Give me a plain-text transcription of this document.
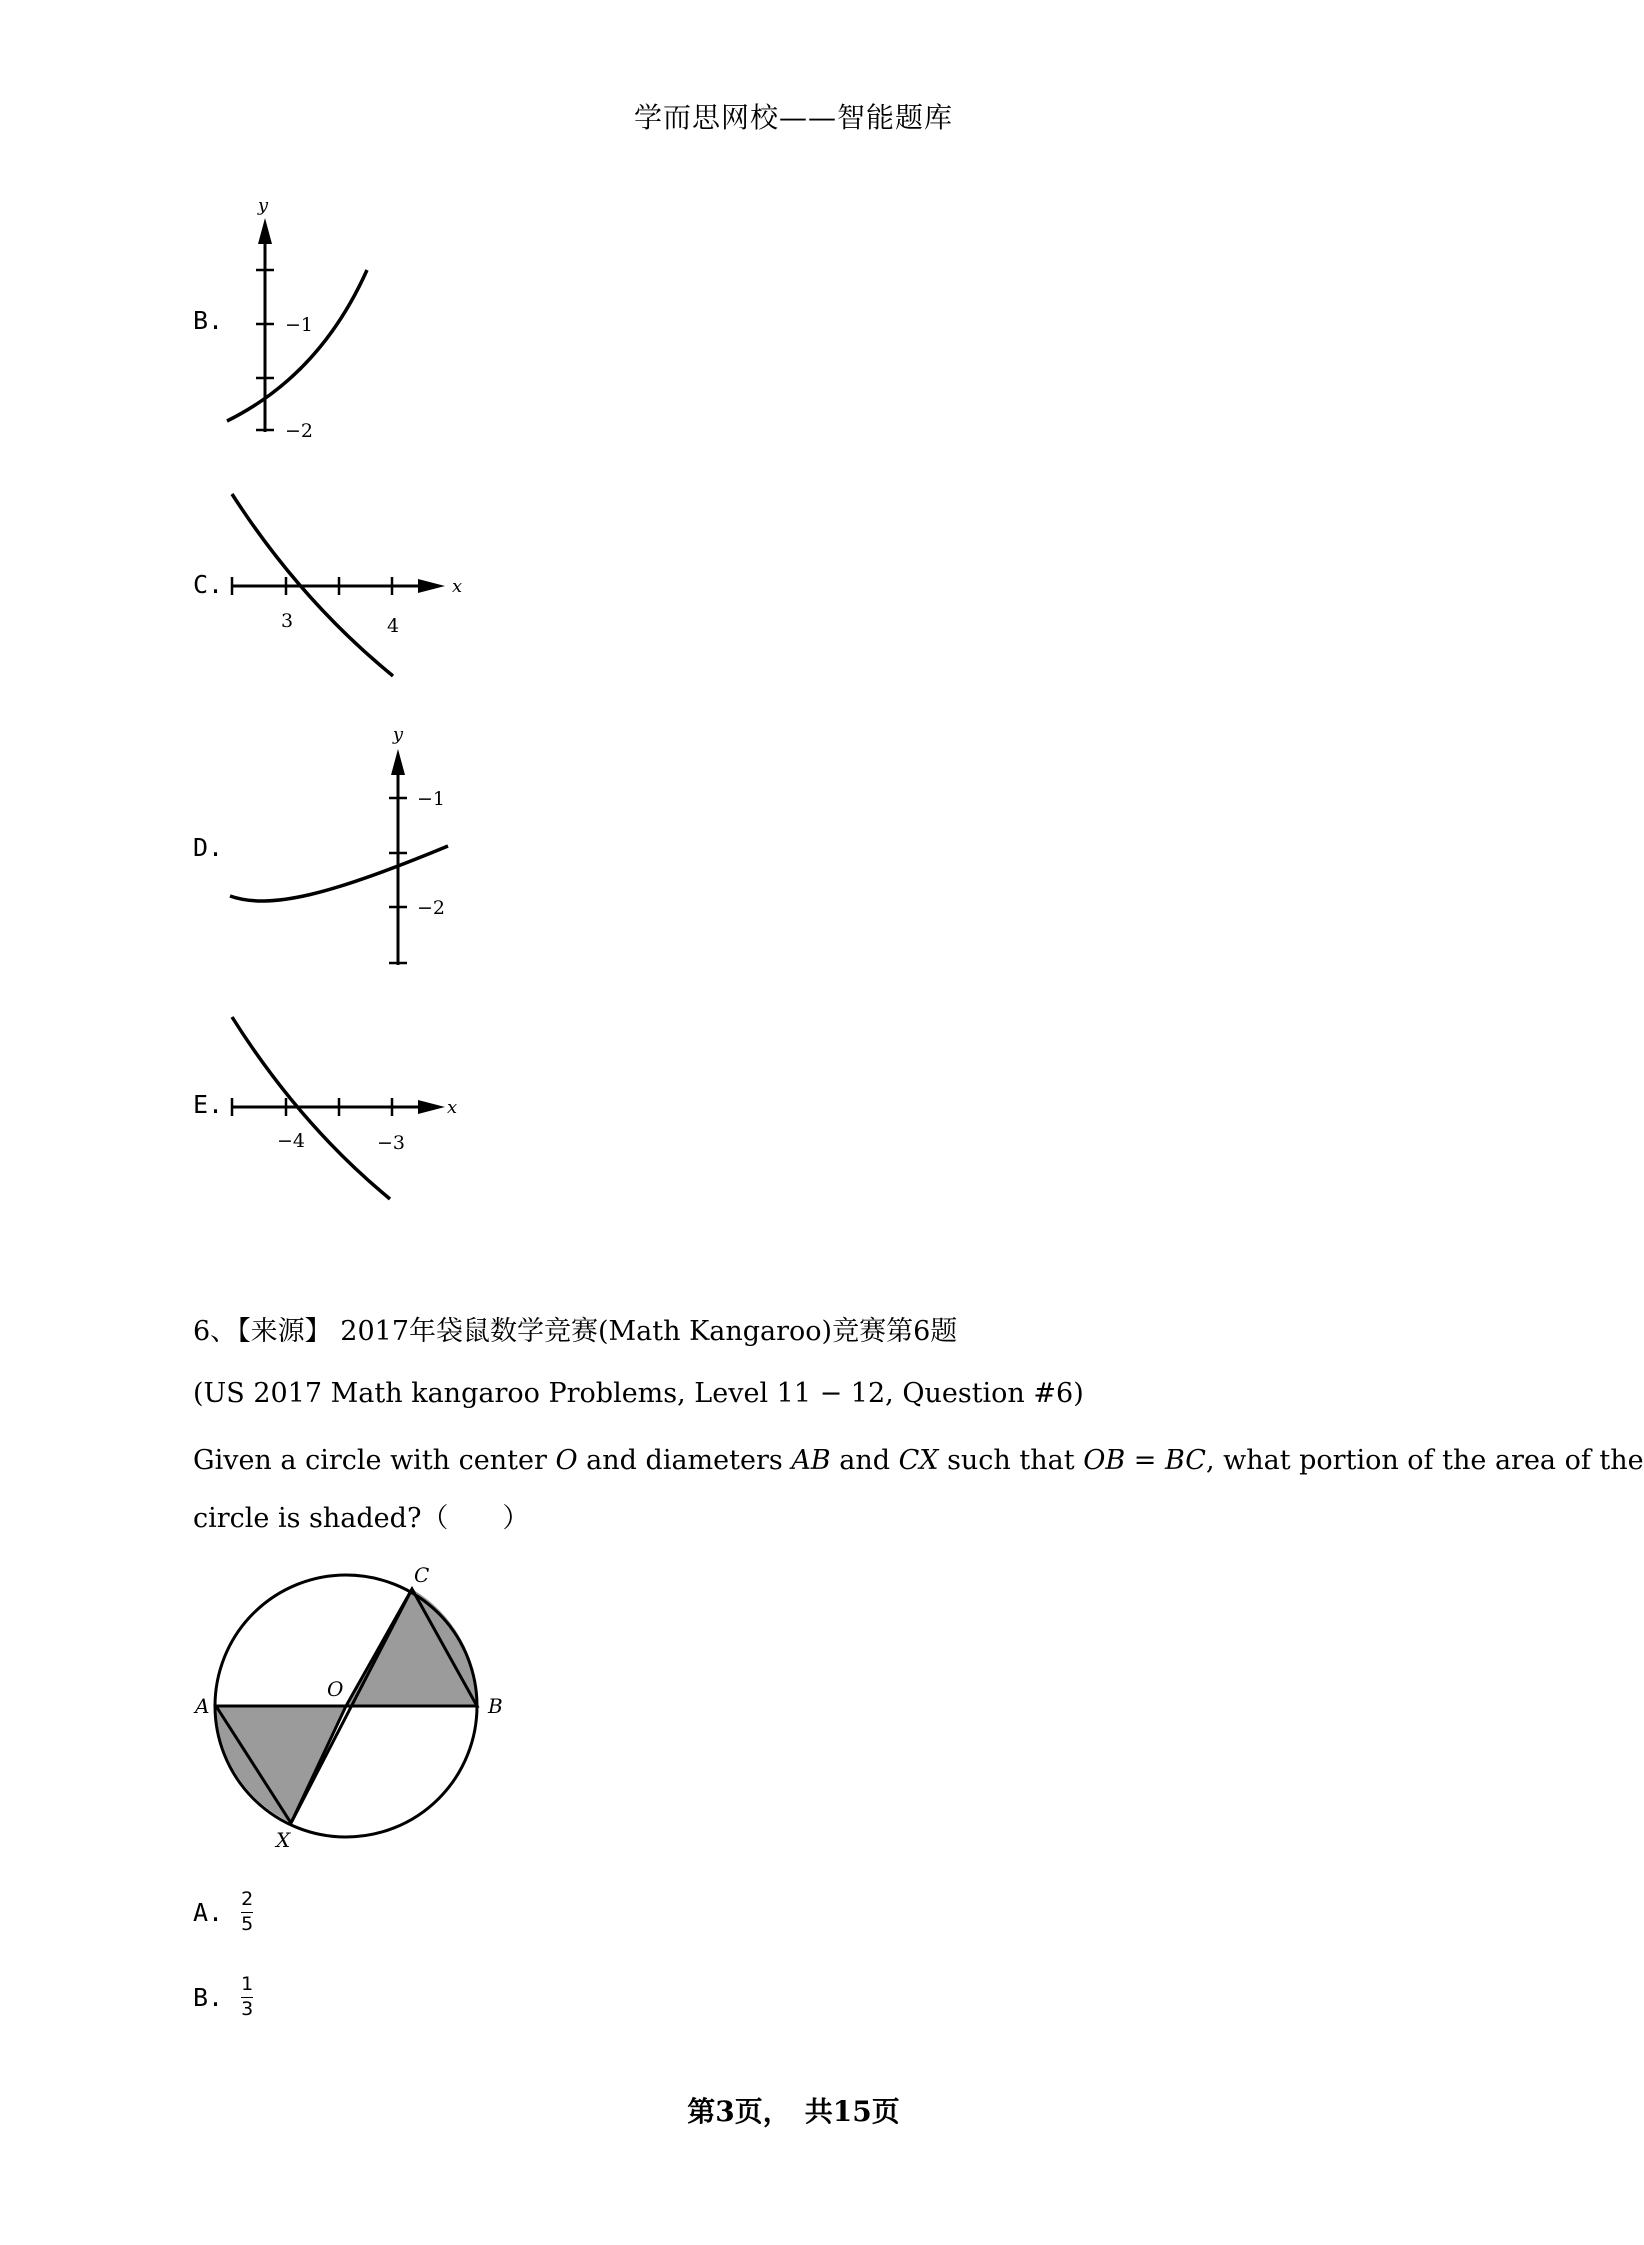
学而思网校——智能题库
B.
y
−1
−2
C.	x
3	4
D.
y
−1
−2
E.	x
−4	−3
6、【来源】 2017年袋鼠数学竞赛(Math Kangaroo)竞赛第6题
(US 2017 Math kangaroo Problems, Level 11 − 12, Question #6)
Given a circle with center O and diameters AB and CX such that OB = BC, what portion of the area of the
circle is shaded?（　　）
C
A	B
O
X
A. $\frac{2}{5}$
B. $\frac{1}{3}$
第3页，　共15页
